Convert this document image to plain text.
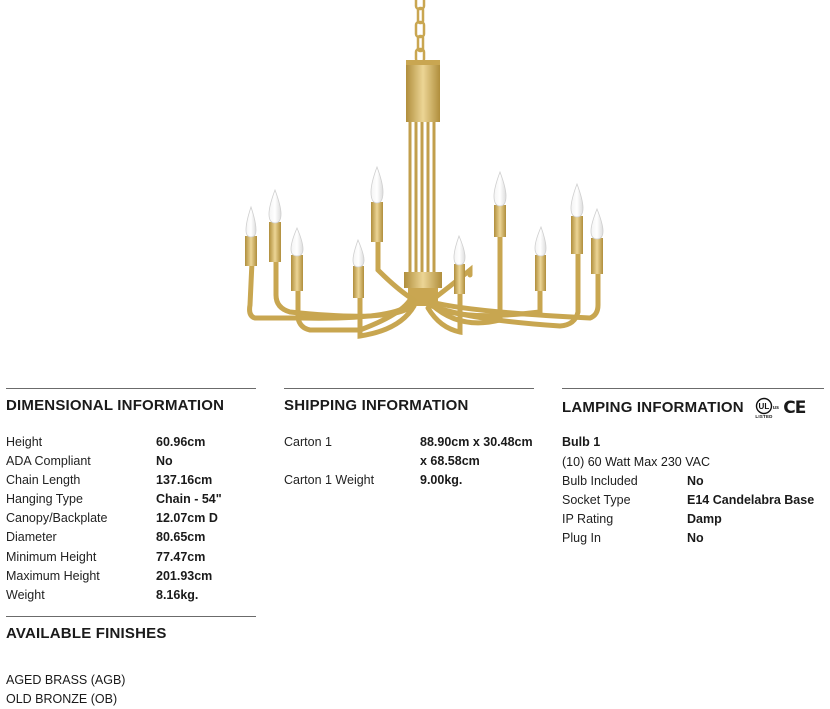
DIMENSIONAL INFORMATION
Height	60.96cm
ADA Compliant	No
Chain Length	137.16cm
Hanging Type	Chain - 54"
Canopy/Backplate	12.07cm D
Diameter	80.65cm
Minimum Height	77.47cm
Maximum Height	201.93cm
Weight	8.16kg.
SHIPPING INFORMATION
Carton 1	88.90cm x 30.48cm
x 68.58cm
Carton 1 Weight	9.00kg.
LAMPING INFORMATION UL
LISTED
us CE
Bulb 1
(10) 60 Watt Max 230 VAC
Bulb Included	No
Socket Type	E14 Candelabra Base
IP Rating	Damp
Plug In	No
AVAILABLE FINISHES
AGED BRASS (AGB)
OLD BRONZE (OB)
